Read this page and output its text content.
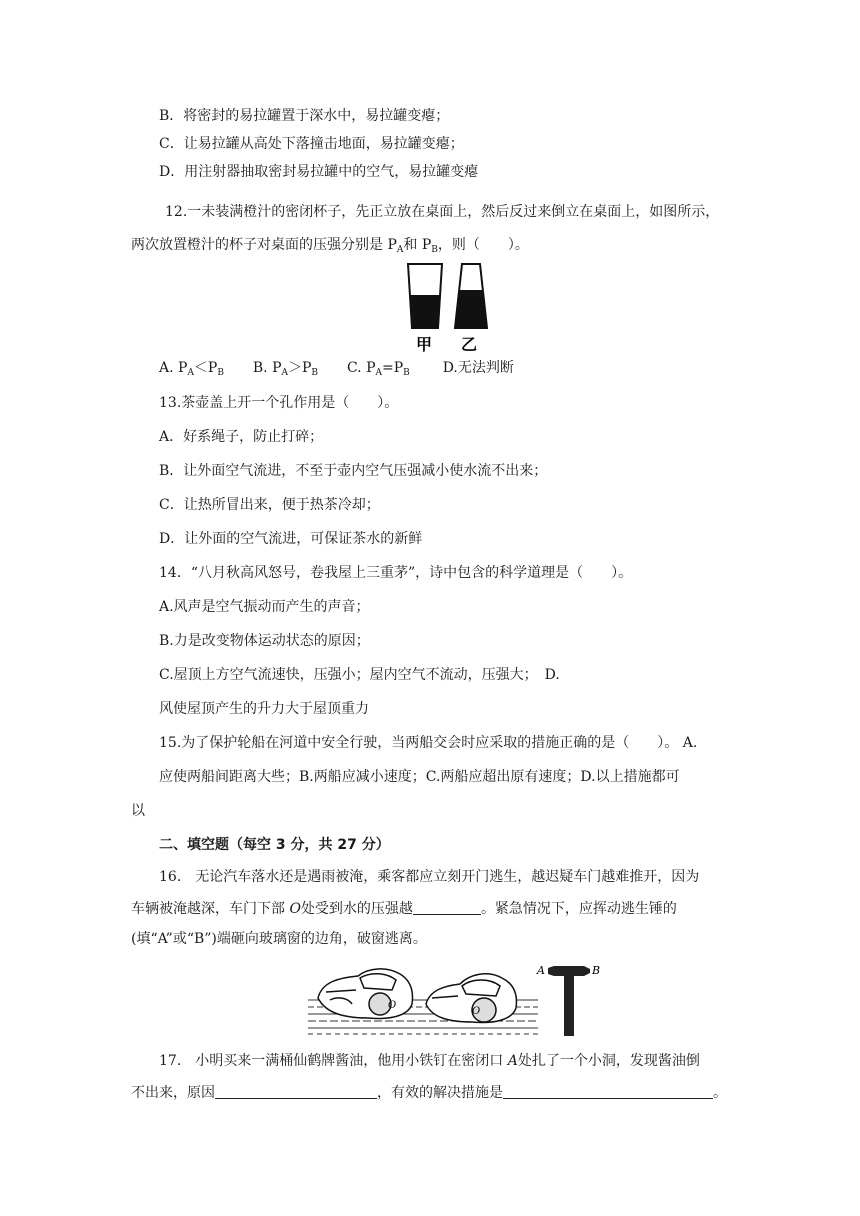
B．将密封的易拉罐置于深水中，易拉罐变瘪；
C．让易拉罐从高处下落撞击地面，易拉罐变瘪；
D．用注射器抽取密封易拉罐中的空气，易拉罐变瘪
12.一未装满橙汁的密闭杯子，先正立放在桌面上，然后反过来倒立在桌面上，如图所示，
两次放置橙汁的杯子对桌面的压强分别是 $P_A$和 $P_B$，则（　　）。
甲 乙
A. $P_A<P_B$ B. $P_A>P_B$ C. $P_A=P_B$ D.无法判断
13.茶壶盖上开一个孔作用是（　　）。
A．好系绳子，防止打碎；
B．让外面空气流进，不至于壶内空气压强减小使水流不出来；
C．让热所冒出来，便于热茶冷却；
D．让外面的空气流进，可保证茶水的新鲜
14．“八月秋高风怒号，卷我屋上三重茅”，诗中包含的科学道理是（　　）。
A.风声是空气振动而产生的声音；
B.力是改变物体运动状态的原因；
C.屋顶上方空气流速快，压强小；屋内空气不流动，压强大；　D.
风使屋顶产生的升力大于屋顶重力
15.为了保护轮船在河道中安全行驶，当两船交会时应采取的措施正确的是（　　）。 A.
应使两船间距离大些；B.两船应减小速度；C.两船应超出原有速度；D.以上措施都可
以
二、填空题（每空 3 分，共 27 分）
16.　无论汽车落水还是遇雨被淹，乘客都应立刻开门逃生，越迟疑车门越难推开，因为
车辆被淹越深，车门下部 O处受到水的压强越	。紧急情况下，应挥动逃生锤的
(填“A”或“B”)端砸向玻璃窗的边角，破窗逃离。
O
O
A	B
17.　小明买来一满桶仙鹤牌酱油，他用小铁钉在密闭口 A处扎了一个小洞，发现酱油倒
不出来，原因	，有效的解决措施是	。
